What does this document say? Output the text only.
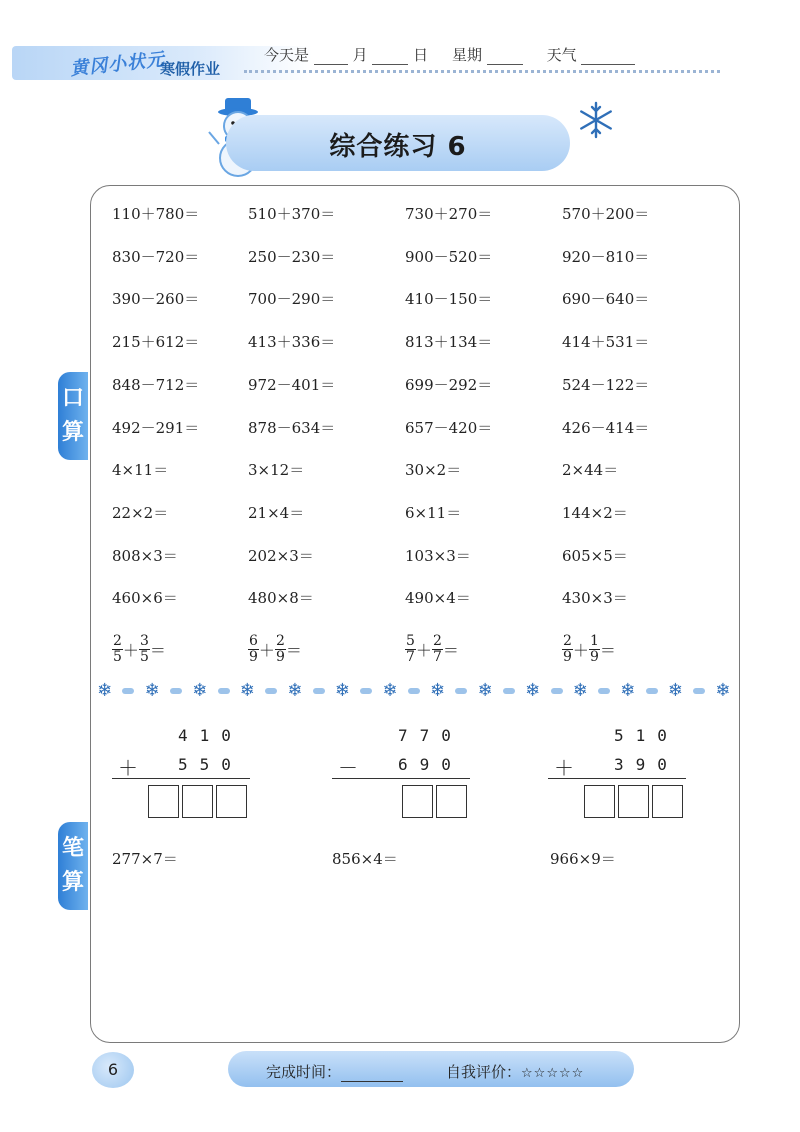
黄冈小状元
寒假作业
今天是	月	日 星期	天气
综合练习 6
口算
笔算
110＋780＝	510＋370＝	730＋270＝	570＋200＝
830－720＝	250－230＝	900－520＝	920－810＝
390－260＝	700－290＝	410－150＝	690－640＝
215＋612＝	413＋336＝	813＋134＝	414＋531＝
848－712＝	972－401＝	699－292＝	524－122＝
492－291＝	878－634＝	657－420＝	426－414＝
4×11＝	3×12＝	30×2＝	2×44＝
22×2＝	21×4＝	6×11＝	144×2＝
808×3＝	202×3＝	103×3＝	605×5＝
460×6＝	480×8＝	490×4＝	430×3＝
$\frac{2}{5} + \frac{3}{5}$ ＝	$\frac{6}{9} + \frac{2}{9}$ ＝	$\frac{5}{7} + \frac{2}{7}$ ＝	$\frac{2}{9} + \frac{1}{9}$ ＝
❄ ❄ ❄ ❄ ❄ ❄ ❄ ❄ ❄ ❄ ❄ ❄ ❄ ❄
410
＋ 550
770
－ 690
510
＋ 390
277×7＝	856×4＝	966×9＝
6	完成时间：	自我评价：☆☆☆☆☆
